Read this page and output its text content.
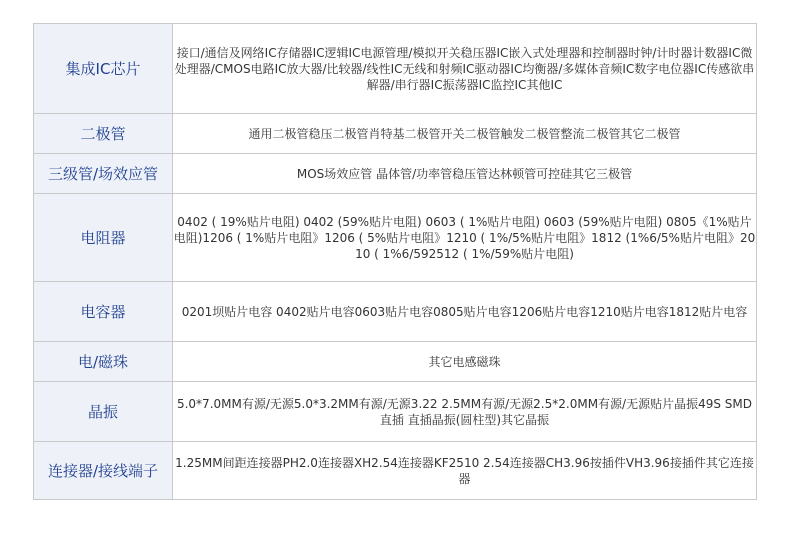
集成IC芯片	接口/通信及网络IC存储器IC逻辑IC电源管理/模拟开关稳压器IC嵌入式处理器和控制器时钟/计时器计数器IC微处理器/CMOS电路IC放大器/比较器/线性IC无线和射频IC驱动器IC均衡器/多媒体音频IC数字电位器IC传感欲串解器/串行器IC振荡器IC监控IC其他IC
二极管	通用二极管稳压二极管肖特基二极管开关二极管触发二极管整流二极管其它二极管
三级管/场效应管	MOS场效应管 晶体管/功率管稳压管达林顿管可控硅其它三极管
电阻器	0402 ( 19%贴片电阻) 0402 (59%贴片电阻) 0603 ( 1%贴片电阻) 0603 (59%贴片电阻) 0805《1%贴片电阻)1206 ( 1%贴片电阻》1206 ( 5%贴片电阻》1210 ( 1%/5%贴片电阻》1812 (1%6/5%贴片电阻》2010 ( 1%6/592512 ( 1%/59%贴片电阻)
电容器	0201坝贴片电容 0402贴片电容0603贴片电容0805贴片电容1206贴片电容1210贴片电容1812贴片电容
电/磁珠	其它电感磁珠
晶振	5.0*7.0MM有源/无源5.0*3.2MM有源/无源3.22 2.5MM有源/无源2.5*2.0MM有源/无源贴片晶振49S SMD直插 直插晶振(圆柱型)其它晶振
连接器/接线端子	1.25MM间距连接器PH2.0连接器XH2.54连接器KF2510 2.54连接器CH3.96按插件VH3.96接插件其它连接器
